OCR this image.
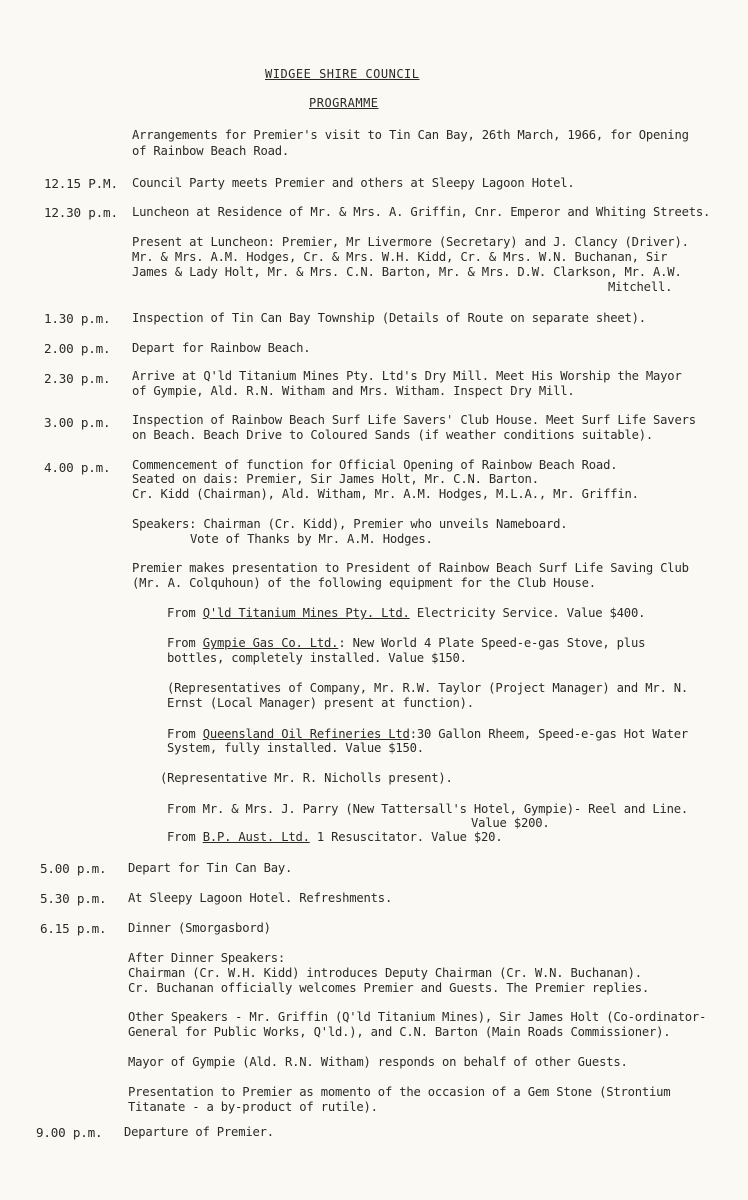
WIDGEE SHIRE COUNCIL
PROGRAMME
Arrangements for Premier's visit to Tin Can Bay, 26th March, 1966, for Opening
of Rainbow Beach Road.
12.15 P.M. Council Party meets Premier and others at Sleepy Lagoon Hotel.
12.30 p.m. Luncheon at Residence of Mr. & Mrs. A. Griffin, Cnr. Emperor and Whiting Streets.
Present at Luncheon: Premier, Mr Livermore (Secretary) and J. Clancy (Driver).
Mr. & Mrs. A.M. Hodges, Cr. & Mrs. W.H. Kidd, Cr. & Mrs. W.N. Buchanan, Sir
James & Lady Holt, Mr. & Mrs. C.N. Barton, Mr. & Mrs. D.W. Clarkson, Mr. A.W.
Mitchell.
1.30 p.m. Inspection of Tin Can Bay Township (Details of Route on separate sheet).
2.00 p.m. Depart for Rainbow Beach.
2.30 p.m. Arrive at Q'ld Titanium Mines Pty. Ltd's Dry Mill. Meet His Worship the Mayor
of Gympie, Ald. R.N. Witham and Mrs. Witham. Inspect Dry Mill.
3.00 p.m. Inspection of Rainbow Beach Surf Life Savers' Club House. Meet Surf Life Savers
on Beach. Beach Drive to Coloured Sands (if weather conditions suitable).
4.00 p.m. Commencement of function for Official Opening of Rainbow Beach Road.
Seated on dais: Premier, Sir James Holt, Mr. C.N. Barton.
Cr. Kidd (Chairman), Ald. Witham, Mr. A.M. Hodges, M.L.A., Mr. Griffin.
Speakers: Chairman (Cr. Kidd), Premier who unveils Nameboard.
Vote of Thanks by Mr. A.M. Hodges.
Premier makes presentation to President of Rainbow Beach Surf Life Saving Club
(Mr. A. Colquhoun) of the following equipment for the Club House.
From Q'ld Titanium Mines Pty. Ltd. Electricity Service. Value $400.
From Gympie Gas Co. Ltd.: New World 4 Plate Speed-e-gas Stove, plus
bottles, completely installed. Value $150.
(Representatives of Company, Mr. R.W. Taylor (Project Manager) and Mr. N.
Ernst (Local Manager) present at function).
From Queensland Oil Refineries Ltd:30 Gallon Rheem, Speed-e-gas Hot Water
System, fully installed. Value $150.
(Representative Mr. R. Nicholls present).
From Mr. & Mrs. J. Parry (New Tattersall's Hotel, Gympie)- Reel and Line.
Value $200.
From B.P. Aust. Ltd. 1 Resuscitator. Value $20.
5.00 p.m. Depart for Tin Can Bay.
5.30 p.m. At Sleepy Lagoon Hotel. Refreshments.
6.15 p.m. Dinner (Smorgasbord)
After Dinner Speakers:
Chairman (Cr. W.H. Kidd) introduces Deputy Chairman (Cr. W.N. Buchanan).
Cr. Buchanan officially welcomes Premier and Guests. The Premier replies.
Other Speakers - Mr. Griffin (Q'ld Titanium Mines), Sir James Holt (Co-ordinator-
General for Public Works, Q'ld.), and C.N. Barton (Main Roads Commissioner).
Mayor of Gympie (Ald. R.N. Witham) responds on behalf of other Guests.
Presentation to Premier as momento of the occasion of a Gem Stone (Strontium
Titanate - a by-product of rutile).
9.00 p.m. Departure of Premier.
